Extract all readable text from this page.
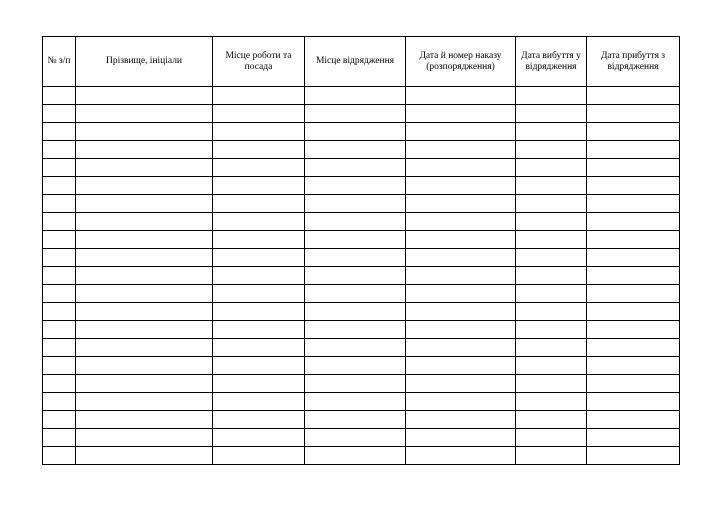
№ з/п	Прізвище, ініціали	Місце роботи та посада	Місце відрядження	Дата й номер наказу (розпорядження)	Дата вибуття у відрядження	Дата прибуття з відрядження
